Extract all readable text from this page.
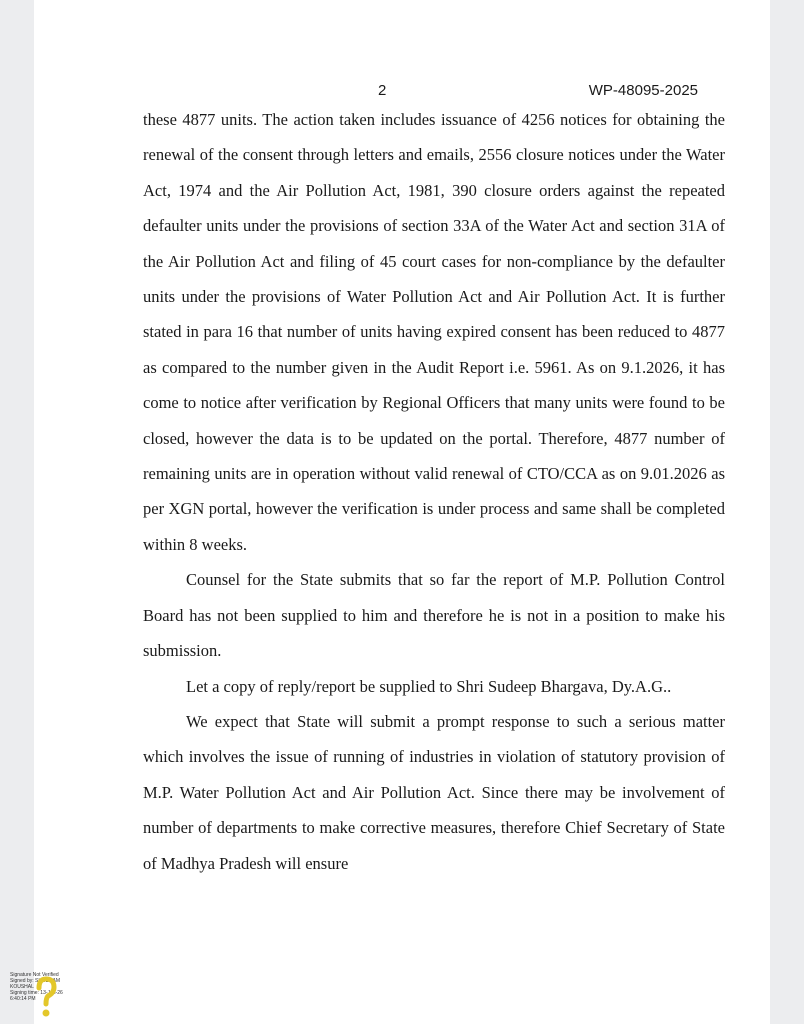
2	WP-48095-2025

these 4877 units. The action taken includes issuance of 4256 notices for obtaining the renewal of the consent through letters and emails, 2556 closure notices under the Water Act, 1974 and the Air Pollution Act, 1981, 390 closure orders against the repeated defaulter units under the provisions of section 33A of the Water Act and section 31A of the Air Pollution Act and filing of 45 court cases for non-compliance by the defaulter units under the provisions of Water Pollution Act and Air Pollution Act. It is further stated in para 16 that number of units having expired consent has been reduced to 4877 as compared to the number given in the Audit Report i.e. 5961. As on 9.1.2026, it has come to notice after verification by Regional Officers that many units were found to be closed, however the data is to be updated on the portal. Therefore, 4877 number of remaining units are in operation without valid renewal of CTO/CCA as on 9.01.2026 as per XGN portal, however the verification is under process and same shall be completed within 8 weeks.

Counsel for the State submits that so far the report of M.P. Pollution Control Board has not been supplied to him and therefore he is not in a position to make his submission.

Let a copy of reply/report be supplied to Shri Sudeep Bhargava, Dy.A.G..

We expect that State will submit a prompt response to such a serious matter which involves the issue of running of industries in violation of statutory provision of M.P. Water Pollution Act and Air Pollution Act. Since there may be involvement of number of departments to make corrective measures, therefore Chief Secretary of State of Madhya Pradesh will ensure

Signature Not Verified
Signed by: SHUBHAM
KOUSHAL
Signing time: 13-Jan-26
6:40:14 PM
